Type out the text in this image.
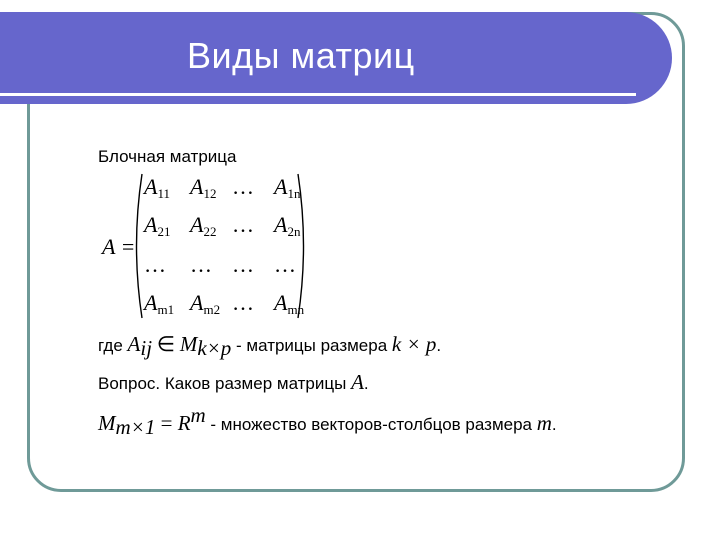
Виды матриц
Блочная матрица
A =
$A_{11}$ $A_{12}$ … $A_{1n}$
$A_{21}$ $A_{22}$ … $A_{2n}$
… … … …
$A_{m1}$ $A_{m2}$ … $A_{mn}$
где $A_{ij}$ ∈ $M_{k\times p}$ - матрицы размера k × p.
Вопрос. Каков размер матрицы A.
$M_{m\times 1} = R^m$ - множество векторов-столбцов размера m.
